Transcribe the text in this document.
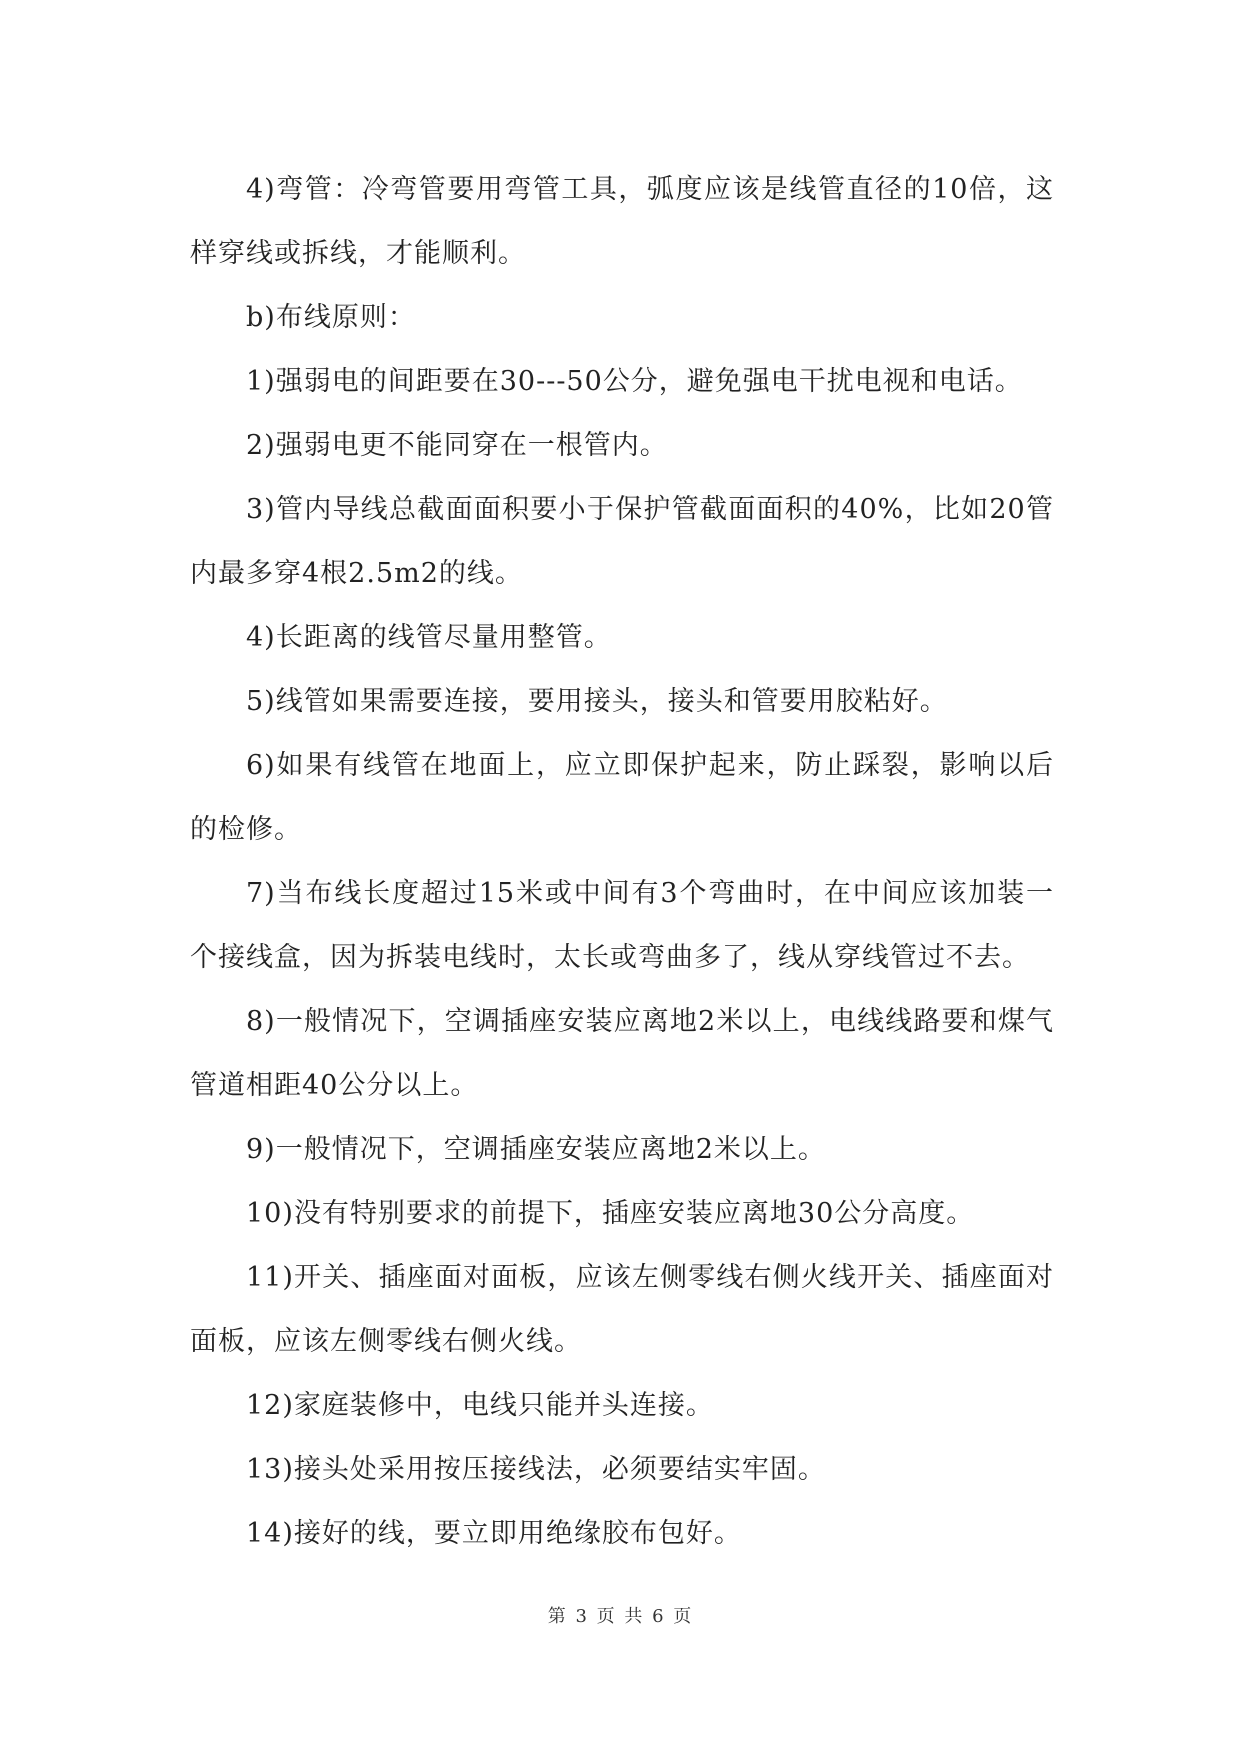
4)弯管：冷弯管要用弯管工具，弧度应该是线管直径的10倍，这样穿线或拆线，才能顺利。

b)布线原则：

1)强弱电的间距要在30---50公分，避免强电干扰电视和电话。

2)强弱电更不能同穿在一根管内。

3)管内导线总截面面积要小于保护管截面面积的40%，比如20管内最多穿4根2.5m2的线。

4)长距离的线管尽量用整管。

5)线管如果需要连接，要用接头，接头和管要用胶粘好。

6)如果有线管在地面上，应立即保护起来，防止踩裂，影响以后的检修。

7)当布线长度超过15米或中间有3个弯曲时，在中间应该加装一个接线盒，因为拆装电线时，太长或弯曲多了，线从穿线管过不去。

8)一般情况下，空调插座安装应离地2米以上，电线线路要和煤气管道相距40公分以上。

9)一般情况下，空调插座安装应离地2米以上。

10)没有特别要求的前提下，插座安装应离地30公分高度。

11)开关、插座面对面板，应该左侧零线右侧火线开关、插座面对面板，应该左侧零线右侧火线。

12)家庭装修中，电线只能并头连接。

13)接头处采用按压接线法，必须要结实牢固。

14)接好的线，要立即用绝缘胶布包好。

第 3 页 共 6 页
